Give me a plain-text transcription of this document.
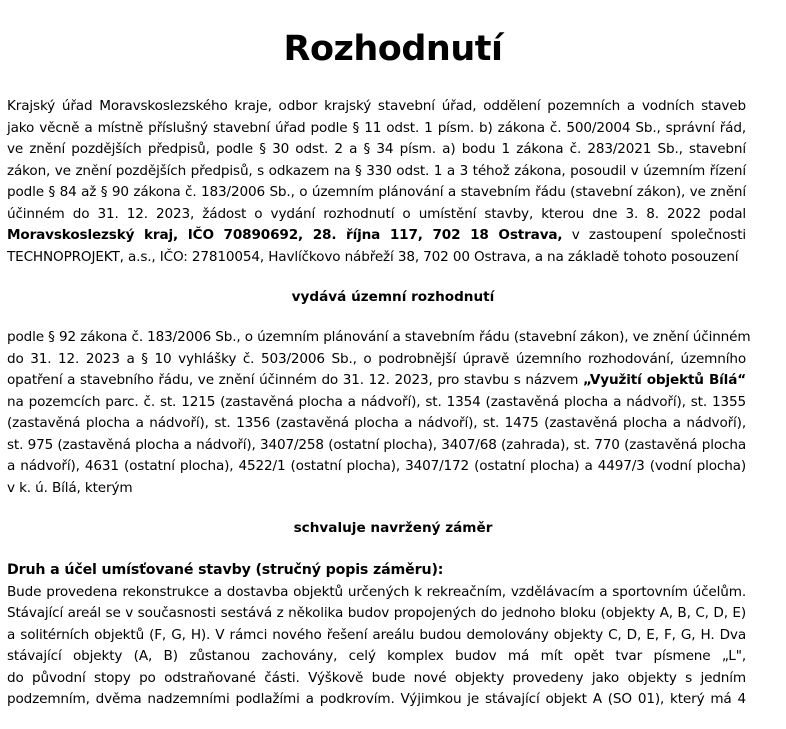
Rozhodnutí
Krajský úřad Moravskoslezského kraje, odbor krajský stavební úřad, oddělení pozemních a vodních staveb
jako věcně a místně příslušný stavební úřad podle § 11 odst. 1 písm. b) zákona č. 500/2004 Sb., správní řád,
ve znění pozdějších předpisů, podle § 30 odst. 2 a § 34 písm. a) bodu 1 zákona č. 283/2021 Sb., stavební
zákon, ve znění pozdějších předpisů, s odkazem na § 330 odst. 1 a 3 téhož zákona, posoudil v územním řízení
podle § 84 až § 90 zákona č. 183/2006 Sb., o územním plánování a stavebním řádu (stavební zákon), ve znění
účinném do 31. 12. 2023, žádost o vydání rozhodnutí o umístění stavby, kterou dne 3. 8. 2022 podal
Moravskoslezský kraj, IČO 70890692, 28. října 117, 702 18 Ostrava, v zastoupení společnosti
TECHNOPROJEKT, a.s., IČO: 27810054, Havlíčkovo nábřeží 38, 702 00 Ostrava, a na základě tohoto posouzení
vydává územní rozhodnutí
podle § 92 zákona č. 183/2006 Sb., o územním plánování a stavebním řádu (stavební zákon), ve znění účinném
do 31. 12. 2023 a § 10 vyhlášky č. 503/2006 Sb., o podrobnější úpravě územního rozhodování, územního
opatření a stavebního řádu, ve znění účinném do 31. 12. 2023, pro stavbu s názvem „Využití objektů Bílá“
na pozemcích parc. č. st. 1215 (zastavěná plocha a nádvoří), st. 1354 (zastavěná plocha a nádvoří), st. 1355
(zastavěná plocha a nádvoří), st. 1356 (zastavěná plocha a nádvoří), st. 1475 (zastavěná plocha a nádvoří),
st. 975 (zastavěná plocha a nádvoří), 3407/258 (ostatní plocha), 3407/68 (zahrada), st. 770 (zastavěná plocha
a nádvoří), 4631 (ostatní plocha), 4522/1 (ostatní plocha), 3407/172 (ostatní plocha) a 4497/3 (vodní plocha)
v k. ú. Bílá, kterým
schvaluje navržený záměr
Druh a účel umísťované stavby (stručný popis záměru):
Bude provedena rekonstrukce a dostavba objektů určených k rekreačním, vzdělávacím a sportovním účelům.
Stávající areál se v současnosti sestává z několika budov propojených do jednoho bloku (objekty A, B, C, D, E)
a solitérních objektů (F, G, H). V rámci nového řešení areálu budou demolovány objekty C, D, E, F, G, H. Dva
stávající objekty (A, B) zůstanou zachovány, celý komplex budov má mít opět tvar písmene „L",
do původní stopy po odstraňované části. Výškově bude nové objekty provedeny jako objekty s jedním
podzemním, dvěma nadzemními podlažími a podkrovím. Výjimkou je stávající objekt A (SO 01), který má 4
